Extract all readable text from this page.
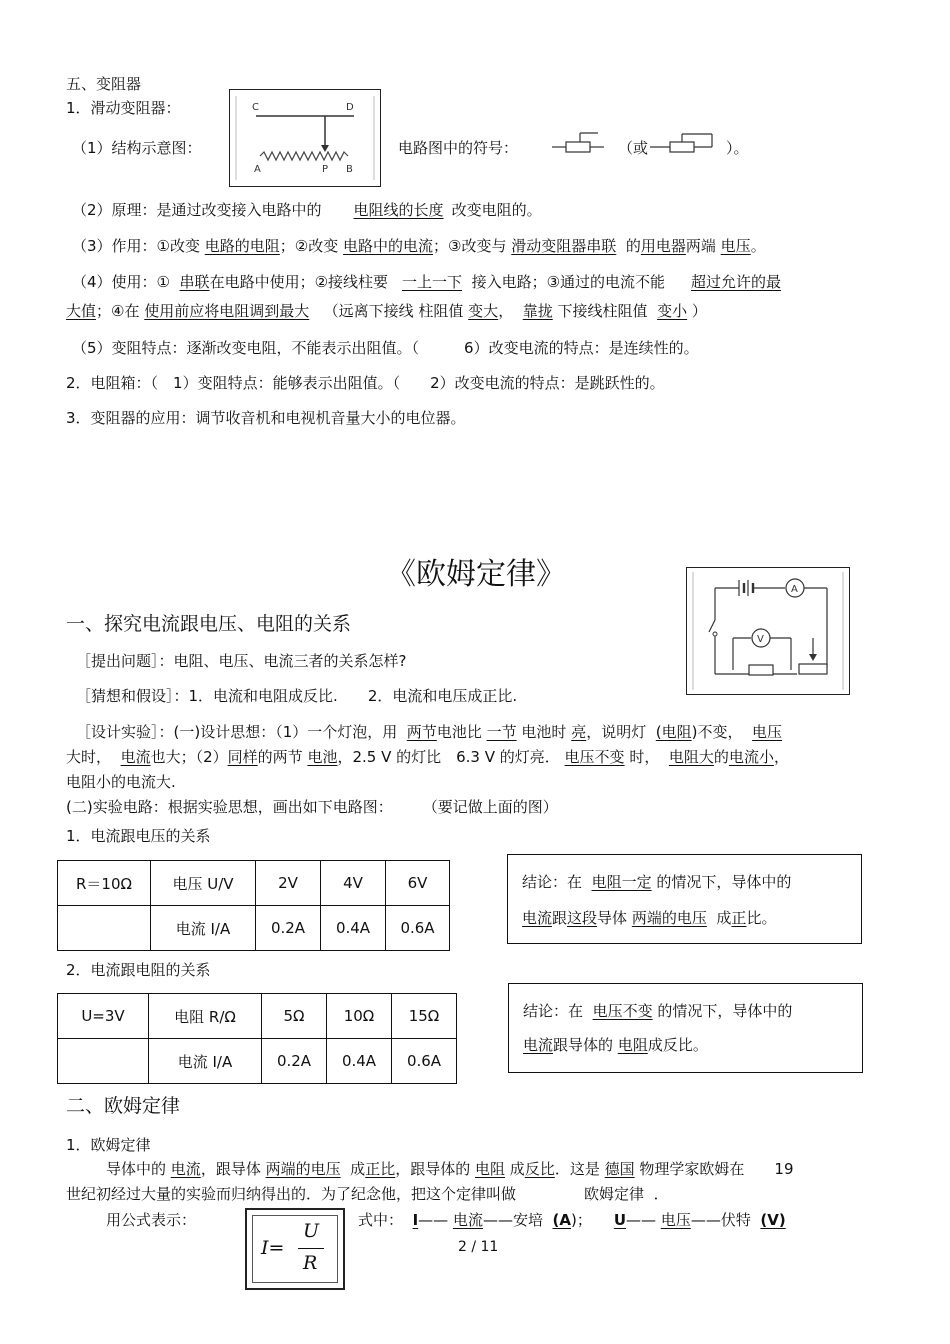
五、变阻器
1．滑动变阻器：
（1）结构示意图：
C	D
A	P B
电路图中的符号：	（或	）。
（2）原理：是通过改变接入电路中的 电阻线的长度 改变电阻的。
（3）作用：①改变 电路的电阻；②改变 电路中的电流；③改变与 滑动变阻器串联 的用电器两端 电压。
（4）使用：① 串联在电路中使用；②接线柱要 一上一下 接入电路；③通过的电流不能 超过允许的最
大值；④在 使用前应将电阻调到最大 （远离下接线 柱阻值 变大， 靠拢 下接线柱阻值 变小 ）
（5）变阻特点：逐渐改变电阻，不能表示出阻值。（　　　6）改变电流的特点：是连续性的。
2．电阻箱：（　1）变阻特点：能够表示出阻值。（　　2）改变电流的特点：是跳跃性的。
3．变阻器的应用：调节收音机和电视机音量大小的电位器。
《欧姆定律》	A
V
一、探究电流跟电压、电阻的关系
［提出问题］：电阻、电压、电流三者的关系怎样?
［猜想和假设］：1．电流和电阻成反比.　　2．电流和电压成正比.
［设计实验］：(一)设计思想：（1）一个灯泡，用 两节电池比 一节 电池时 亮，说明灯 (电阻)不变， 电压
大时， 电流也大；（2）同样的两节 电池，2.5 V 的灯比　6.3 V 的灯亮． 电压不变 时， 电阻大的电流小，
电阻小的电流大.
(二)实验电路：根据实验思想，画出如下电路图：　　　（要记做上面的图）
1．电流跟电压的关系
R＝10Ω	电压 U/V	2V	4V	6V
	电流 I/A	0.2A	0.4A	0.6A
结论：在 电阻一定 的情况下，导体中的
电流跟这段导体 两端的电压 成正比。
2．电流跟电阻的关系
U=3V	电阻 R/Ω	5Ω	10Ω	15Ω
	电流 I/A	0.2A	0.4A	0.6A
结论：在 电压不变 的情况下，导体中的
电流跟导体的 电阻成反比。
二、欧姆定律
1．欧姆定律
导体中的 电流，跟导体 两端的电压 成正比，跟导体的 电阻 成反比．这是 德国 物理学家欧姆在　　19
世纪初经过大量的实验而归纳得出的．为了纪念他，把这个定律叫做	欧姆定律 ．
用公式表示：
I=
U
R
式中： I—— 电流——安培 (A)； U—— 电压——伏特 (V)
2 / 11
